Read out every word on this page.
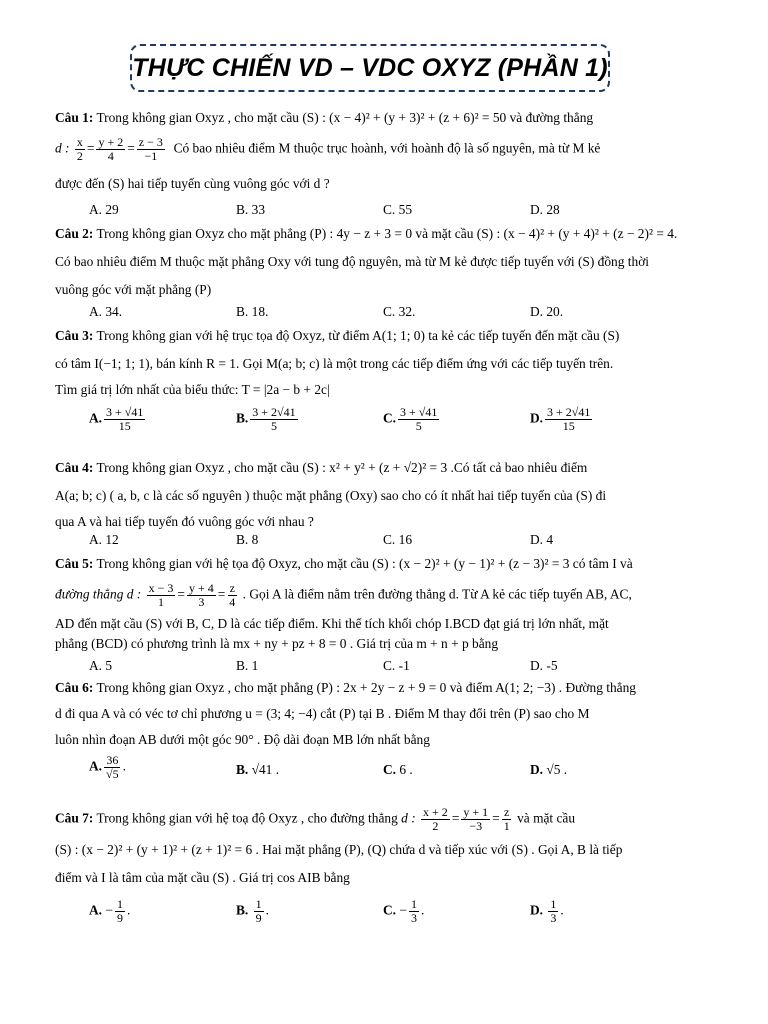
THỰC CHIẾN VD – VDC OXYZ (PHẦN 1)
Câu 1: Trong không gian Oxyz , cho mặt cầu (S) : (x − 4)² + (y + 3)² + (z + 6)² = 50 và đường thẳng
d : $\frac{x}{2} = \frac{y + 2}{4} = \frac{z - 3}{-1}$ Có bao nhiêu điểm M thuộc trục hoành, với hoành độ là số nguyên, mà từ M kẻ
được đến (S) hai tiếp tuyến cùng vuông góc với d ?
A. 29	B. 33	C. 55	D. 28
Câu 2: Trong không gian Oxyz cho mặt phẳng (P) : 4y − z + 3 = 0 và mặt cầu (S) : (x − 4)² + (y + 4)² + (z − 2)² = 4.
Có bao nhiêu điểm M thuộc mặt phẳng Oxy với tung độ nguyên, mà từ M kẻ được tiếp tuyến với (S) đồng thời
vuông góc với mặt phẳng (P)
A. 34.	B. 18.	C. 32.	D. 20.
Câu 3: Trong không gian với hệ trục tọa độ Oxyz, từ điểm A(1; 1; 0) ta kẻ các tiếp tuyến đến mặt cầu (S)
có tâm I(−1; 1; 1), bán kính R = 1. Gọi M(a; b; c) là một trong các tiếp điểm ứng với các tiếp tuyến trên.
Tìm giá trị lớn nhất của biểu thức: T = |2a − b + 2c|
A. $\frac{3 + √41}{15}$	B. $\frac{3 + 2√41}{5}$	C. $\frac{3 + √41}{5}$	D. $\frac{3 + 2√41}{15}$
Câu 4: Trong không gian Oxyz , cho mặt cầu (S) : x² + y² + (z + √2)² = 3 .Có tất cả bao nhiêu điểm
A(a; b; c) ( a, b, c là các số nguyên ) thuộc mặt phẳng (Oxy) sao cho có ít nhất hai tiếp tuyến của (S) đi
qua A và hai tiếp tuyến đó vuông góc với nhau ?
A. 12	B. 8	C. 16	D. 4
Câu 5: Trong không gian với hệ tọa độ Oxyz, cho mặt cầu (S) : (x − 2)² + (y − 1)² + (z − 3)² = 3 có tâm I và
đường thẳng d : $\frac{x - 3}{1} = \frac{y + 4}{3} = \frac{z}{4}$ . Gọi A là điểm nằm trên đường thẳng d. Từ A kẻ các tiếp tuyến AB, AC,
AD đến mặt cầu (S) với B, C, D là các tiếp điểm. Khi thể tích khối chóp I.BCD đạt giá trị lớn nhất, mặt
phẳng (BCD) có phương trình là mx + ny + pz + 8 = 0 . Giá trị của m + n + p bằng
A. 5	B. 1	C. -1	D. -5
Câu 6: Trong không gian Oxyz , cho mặt phẳng (P) : 2x + 2y − z + 9 = 0 và điểm A(1; 2; −3) . Đường thẳng
d đi qua A và có véc tơ chỉ phương u = (3; 4; −4) cắt (P) tại B . Điểm M thay đổi trên (P) sao cho M
luôn nhìn đoạn AB dưới một góc 90° . Độ dài đoạn MB lớn nhất bằng
A. $\frac{36}{√5}$ .	B. √41 .	C. 6 .	D. √5 .
Câu 7: Trong không gian với hệ toạ độ Oxyz , cho đường thẳng d : $\frac{x + 2}{2} = \frac{y + 1}{-3} = \frac{z}{1}$ và mặt cầu
(S) : (x − 2)² + (y + 1)² + (z + 1)² = 6 . Hai mặt phẳng (P), (Q) chứa d và tiếp xúc với (S) . Gọi A, B là tiếp
điểm và I là tâm của mặt cầu (S) . Giá trị cos AIB bằng
A. − $\frac{1}{9}$ .	B. $\frac{1}{9}$ .	C. − $\frac{1}{3}$ .	D. $\frac{1}{3}$ .
